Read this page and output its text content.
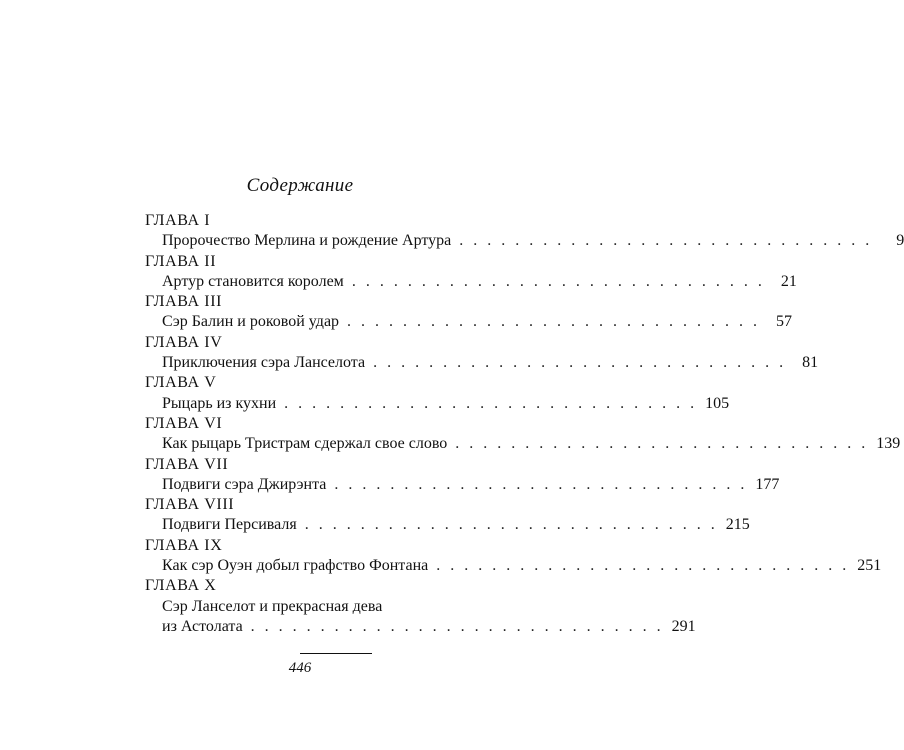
Содержание
ГЛАВА I
Пророчество Мерлина и рождение Артура . . . . . . . . . . . . . . . . . . . . . . . . . . . . . .	9
ГЛАВА II
Артур становится королем . . . . . . . . . . . . . . . . . . . . . . . . . . . . . .	21
ГЛАВА III
Сэр Балин и роковой удар . . . . . . . . . . . . . . . . . . . . . . . . . . . . . .	57
ГЛАВА IV
Приключения сэра Ланселота . . . . . . . . . . . . . . . . . . . . . . . . . . . . . .	81
ГЛАВА V
Рыцарь из кухни . . . . . . . . . . . . . . . . . . . . . . . . . . . . . . 105
ГЛАВА VI
Как рыцарь Тристрам сдержал свое слово . . . . . . . . . . . . . . . . . . . . . . . . . . . . . . 139
ГЛАВА VII
Подвиги сэра Джирэнта . . . . . . . . . . . . . . . . . . . . . . . . . . . . . . 177
ГЛАВА VIII
Подвиги Персиваля . . . . . . . . . . . . . . . . . . . . . . . . . . . . . . 215
ГЛАВА IX
Как сэр Оуэн добыл графство Фонтана . . . . . . . . . . . . . . . . . . . . . . . . . . . . . . 251
ГЛАВА X
Сэр Ланселот и прекрасная дева
из Астолата . . . . . . . . . . . . . . . . . . . . . . . . . . . . . . 291
446
